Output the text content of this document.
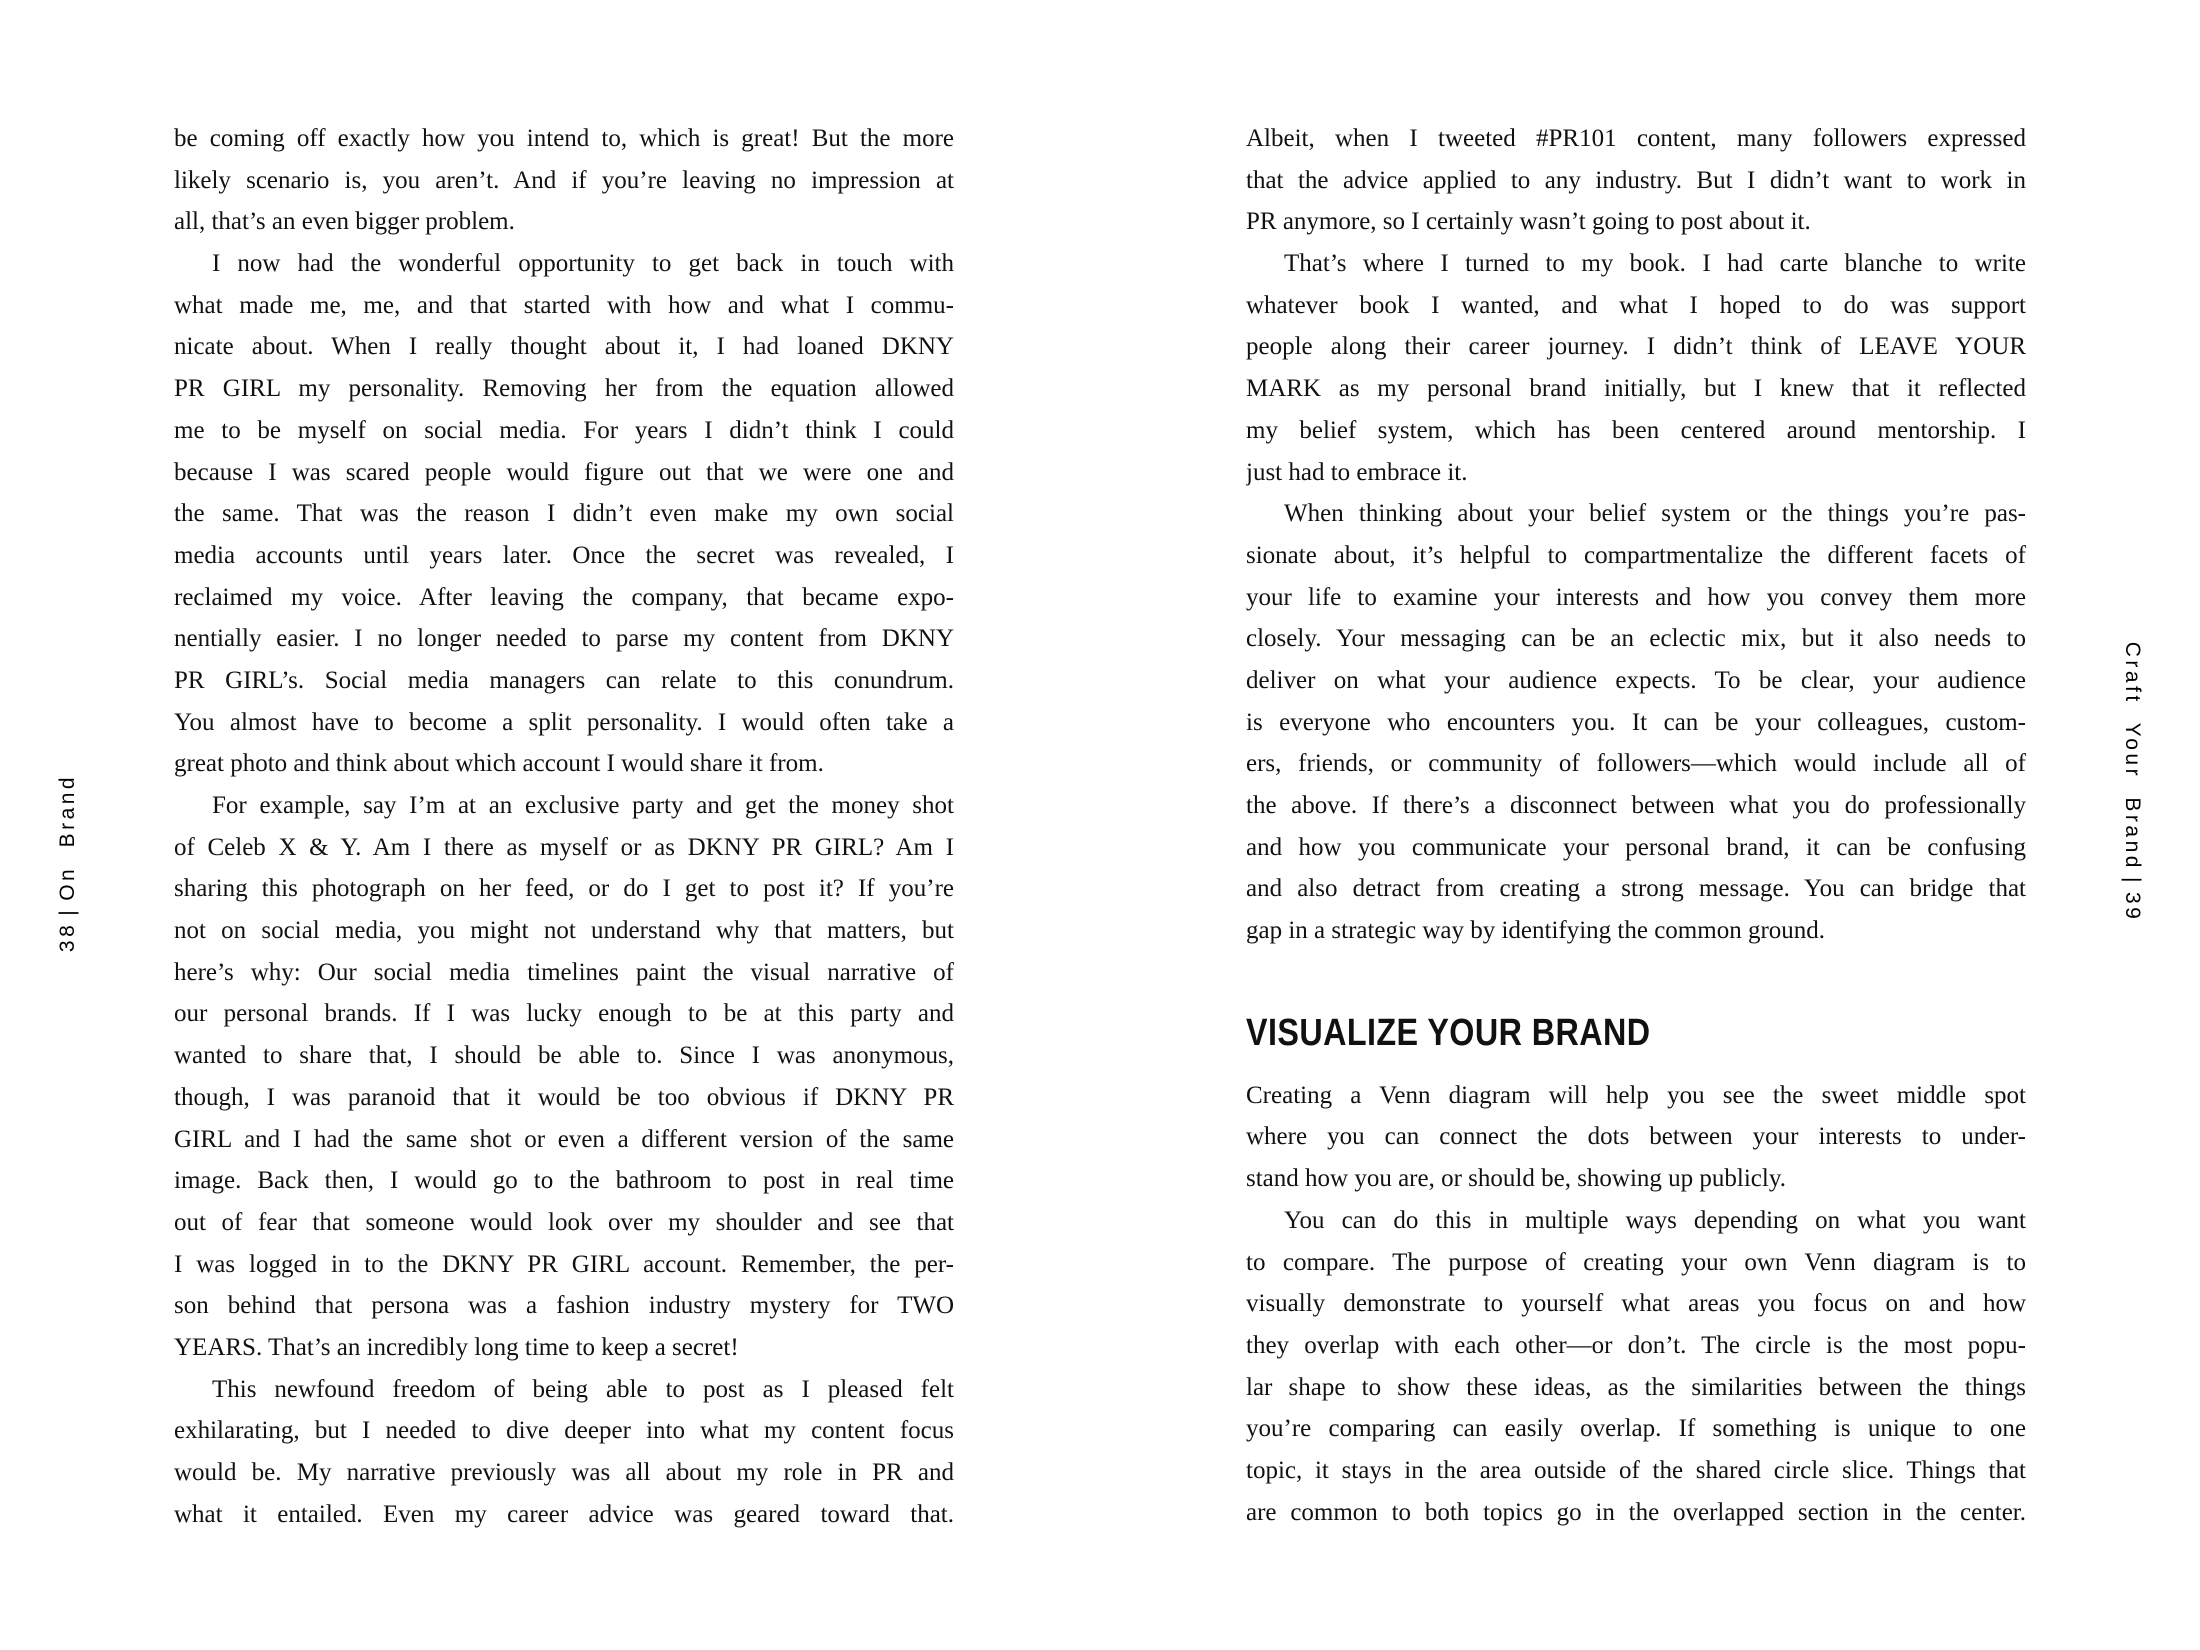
38|On Brand
be coming off exactly how you intend to, which is great! But the more
likely scenario is, you aren’t. And if you’re leaving no impression at
all, that’s an even bigger problem.
I now had the wonderful opportunity to get back in touch with
what made me, me, and that started with how and what I commu-
nicate about. When I really thought about it, I had loaned DKNY
PR GIRL my personality. Removing her from the equation allowed
me to be myself on social media. For years I didn’t think I could
because I was scared people would figure out that we were one and
the same. That was the reason I didn’t even make my own social
media accounts until years later. Once the secret was revealed, I
reclaimed my voice. After leaving the company, that became expo-
nentially easier. I no longer needed to parse my content from DKNY
PR GIRL’s. Social media managers can relate to this conundrum.
You almost have to become a split personality. I would often take a
great photo and think about which account I would share it from.
For example, say I’m at an exclusive party and get the money shot
of Celeb X & Y. Am I there as myself or as DKNY PR GIRL? Am I
sharing this photograph on her feed, or do I get to post it? If you’re
not on social media, you might not understand why that matters, but
here’s why: Our social media timelines paint the visual narrative of
our personal brands. If I was lucky enough to be at this party and
wanted to share that, I should be able to. Since I was anonymous,
though, I was paranoid that it would be too obvious if DKNY PR
GIRL and I had the same shot or even a different version of the same
image. Back then, I would go to the bathroom to post in real time
out of fear that someone would look over my shoulder and see that
I was logged in to the DKNY PR GIRL account. Remember, the per-
son behind that persona was a fashion industry mystery for TWO
YEARS. That’s an incredibly long time to keep a secret!
This newfound freedom of being able to post as I pleased felt
exhilarating, but I needed to dive deeper into what my content focus
would be. My narrative previously was all about my role in PR and
what it entailed. Even my career advice was geared toward that.
Albeit, when I tweeted #PR101 content, many followers expressed
that the advice applied to any industry. But I didn’t want to work in
PR anymore, so I certainly wasn’t going to post about it.
That’s where I turned to my book. I had carte blanche to write
whatever book I wanted, and what I hoped to do was support
people along their career journey. I didn’t think of LEAVE YOUR
MARK as my personal brand initially, but I knew that it reflected
my belief system, which has been centered around mentorship. I
just had to embrace it.
When thinking about your belief system or the things you’re pas-
sionate about, it’s helpful to compartmentalize the different facets of
your life to examine your interests and how you convey them more
closely. Your messaging can be an eclectic mix, but it also needs to
deliver on what your audience expects. To be clear, your audience
is everyone who encounters you. It can be your colleagues, custom-
ers, friends, or community of followers—which would include all of
the above. If there’s a disconnect between what you do professionally
and how you communicate your personal brand, it can be confusing
and also detract from creating a strong message. You can bridge that
gap in a strategic way by identifying the common ground.
VISUALIZE YOUR BRAND
Creating a Venn diagram will help you see the sweet middle spot
where you can connect the dots between your interests to under-
stand how you are, or should be, showing up publicly.
You can do this in multiple ways depending on what you want
to compare. The purpose of creating your own Venn diagram is to
visually demonstrate to yourself what areas you focus on and how
they overlap with each other—or don’t. The circle is the most popu-
lar shape to show these ideas, as the similarities between the things
you’re comparing can easily overlap. If something is unique to one
topic, it stays in the area outside of the shared circle slice. Things that
are common to both topics go in the overlapped section in the center.
Craft Your Brand|39
